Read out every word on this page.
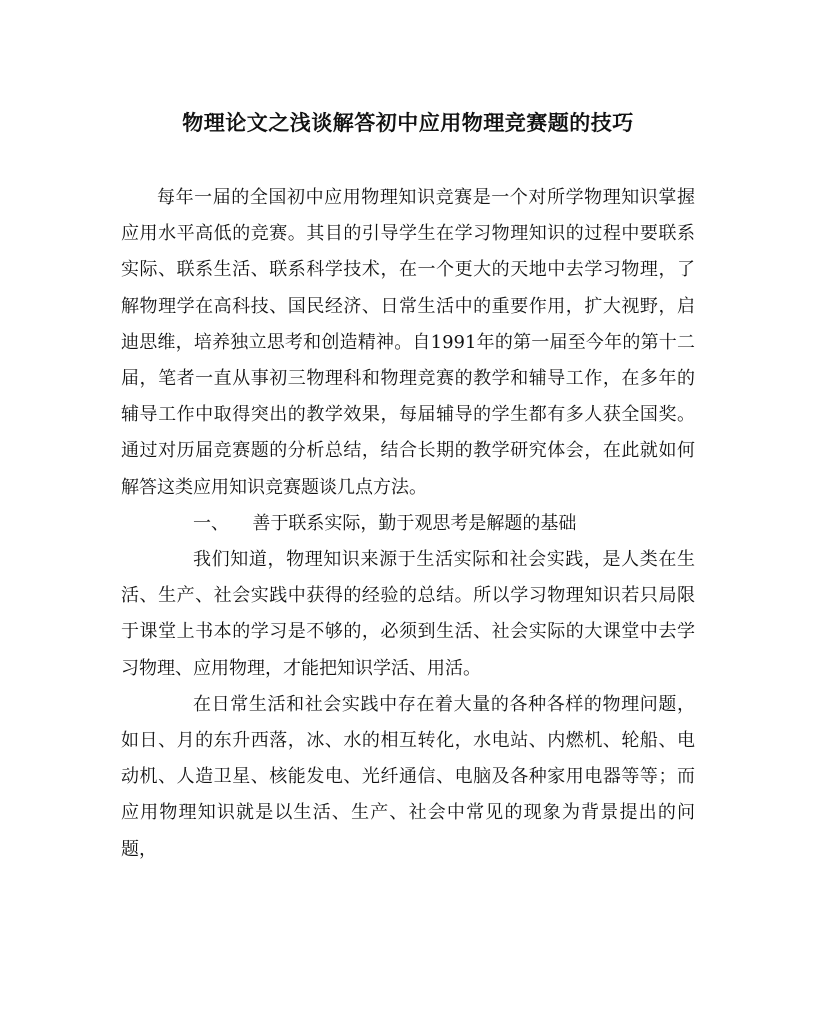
物理论文之浅谈解答初中应用物理竞赛题的技巧

每年一届的全国初中应用物理知识竞赛是一个对所学物理知识掌握应用水平高低的竞赛。其目的引导学生在学习物理知识的过程中要联系实际、联系生活、联系科学技术，在一个更大的天地中去学习物理，了解物理学在高科技、国民经济、日常生活中的重要作用，扩大视野，启迪思维，培养独立思考和创造精神。自1991年的第一届至今年的第十二届，笔者一直从事初三物理科和物理竞赛的教学和辅导工作，在多年的辅导工作中取得突出的教学效果，每届辅导的学生都有多人获全国奖。通过对历届竞赛题的分析总结，结合长期的教学研究体会，在此就如何解答这类应用知识竞赛题谈几点方法。

一、 善于联系实际，勤于观思考是解题的基础

我们知道，物理知识来源于生活实际和社会实践，是人类在生活、生产、社会实践中获得的经验的总结。所以学习物理知识若只局限于课堂上书本的学习是不够的，必须到生活、社会实际的大课堂中去学习物理、应用物理，才能把知识学活、用活。

在日常生活和社会实践中存在着大量的各种各样的物理问题，如日、月的东升西落，冰、水的相互转化，水电站、内燃机、轮船、电动机、人造卫星、核能发电、光纤通信、电脑及各种家用电器等等；而应用物理知识就是以生活、生产、社会中常见的现象为背景提出的问题，
